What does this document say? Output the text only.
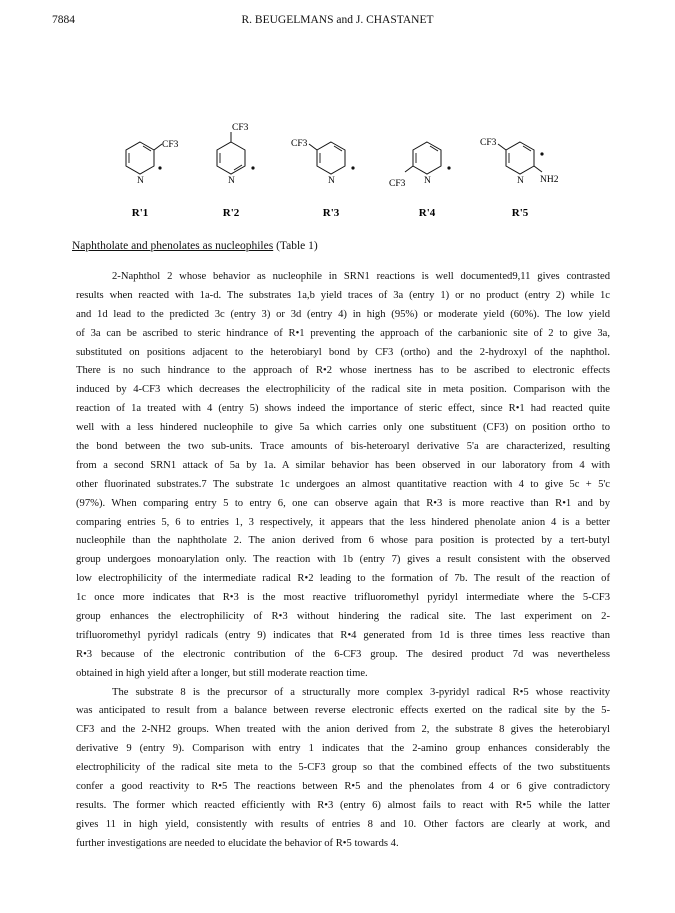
7884	R. BEUGELMANS and J. CHASTANET
CF3
N
R'1
CF3
N
R'2
CF3
N
R'3
CF3 N
R'4
CF3
N NH2
R'5
Naphtholate and phenolates as nucleophiles (Table 1)
2-Naphthol 2 whose behavior as nucleophile in SRN1 reactions is well documented9,11 gives contrasted
results when reacted with 1a-d. The substrates 1a,b yield traces of 3a (entry 1) or no product (entry 2) while 1c
and 1d lead to the predicted 3c (entry 3) or 3d (entry 4) in high (95%) or moderate yield (60%). The low yield
of 3a can be ascribed to steric hindrance of R•1 preventing the approach of the carbanionic site of 2 to give 3a,
substituted on positions adjacent to the heterobiaryl bond by CF3 (ortho) and the 2-hydroxyl of the naphthol.
There is no such hindrance to the approach of R•2 whose inertness has to be ascribed to electronic effects
induced by 4-CF3 which decreases the electrophilicity of the radical site in meta position. Comparison with the
reaction of 1a treated with 4 (entry 5) shows indeed the importance of steric effect, since R•1 had reacted quite
well with a less hindered nucleophile to give 5a which carries only one substituent (CF3) on position ortho to
the bond between the two sub-units. Trace amounts of bis-heteroaryl derivative 5'a are characterized, resulting
from a second SRN1 attack of 5a by 1a. A similar behavior has been observed in our laboratory from 4 with
other fluorinated substrates.7 The substrate 1c undergoes an almost quantitative reaction with 4 to give 5c + 5'c
(97%). When comparing entry 5 to entry 6, one can observe again that R•3 is more reactive than R•1 and by
comparing entries 5, 6 to entries 1, 3 respectively, it appears that the less hindered phenolate anion 4 is a better
nucleophile than the naphtholate 2. The anion derived from 6 whose para position is protected by a tert-butyl
group undergoes monoarylation only. The reaction with 1b (entry 7) gives a result consistent with the observed
low electrophilicity of the intermediate radical R•2 leading to the formation of 7b. The result of the reaction of
1c once more indicates that R•3 is the most reactive trifluoromethyl pyridyl intermediate where the 5-CF3
group enhances the electrophilicity of R•3 without hindering the radical site. The last experiment on 2-
trifluoromethyl pyridyl radicals (entry 9) indicates that R•4 generated from 1d is three times less reactive than
R•3 because of the electronic contribution of the 6-CF3 group. The desired product 7d was nevertheless
obtained in high yield after a longer, but still moderate reaction time.
The substrate 8 is the precursor of a structurally more complex 3-pyridyl radical R•5 whose reactivity
was anticipated to result from a balance between reverse electronic effects exerted on the radical site by the 5-
CF3 and the 2-NH2 groups. When treated with the anion derived from 2, the substrate 8 gives the heterobiaryl
derivative 9 (entry 9). Comparison with entry 1 indicates that the 2-amino group enhances considerably the
electrophilicity of the radical site meta to the 5-CF3 group so that the combined effects of the two substituents
confer a good reactivity to R•5 The reactions between R•5 and the phenolates from 4 or 6 give contradictory
results. The former which reacted efficiently with R•3 (entry 6) almost fails to react with R•5 while the latter
gives 11 in high yield, consistently with results of entries 8 and 10. Other factors are clearly at work, and
further investigations are needed to elucidate the behavior of R•5 towards 4.
